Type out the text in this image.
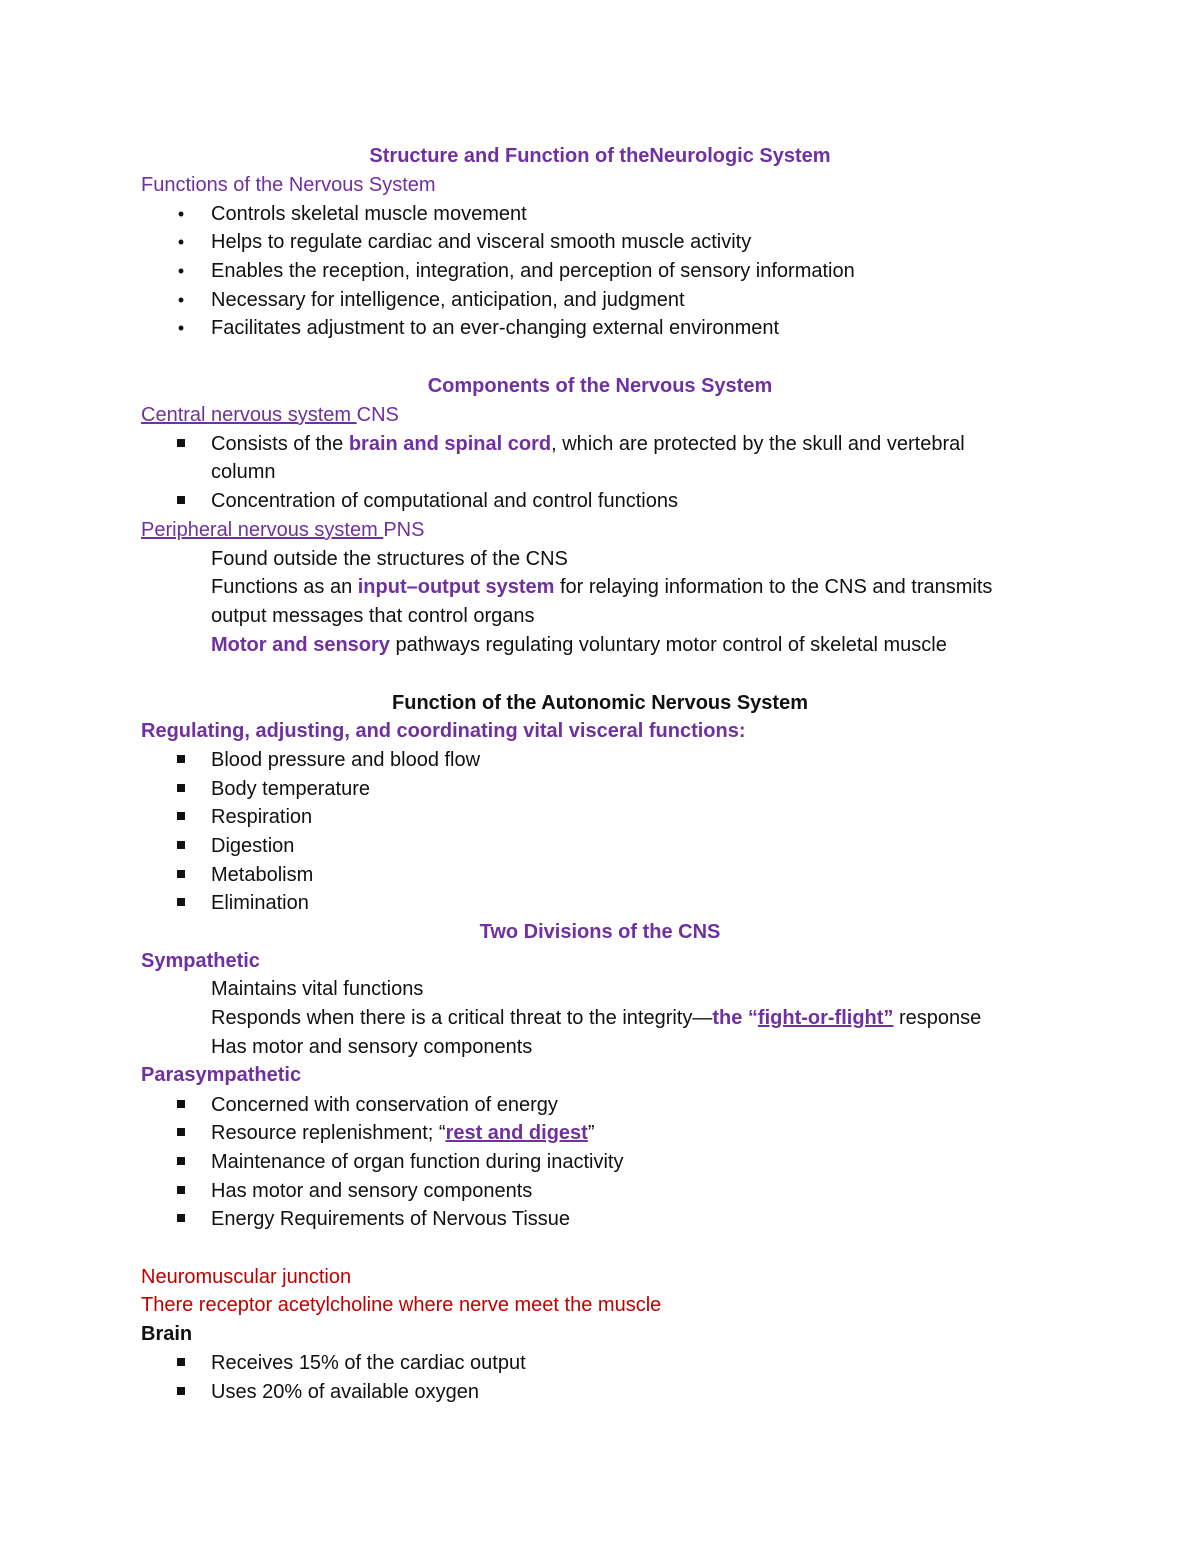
Structure and Function of theNeurologic System
Functions of the Nervous System
• Controls skeletal muscle movement
• Helps to regulate cardiac and visceral smooth muscle activity
• Enables the reception, integration, and perception of sensory information
• Necessary for intelligence, anticipation, and judgment
• Facilitates adjustment to an ever-changing external environment
Components of the Nervous System
Central nervous system CNS
Consists of the brain and spinal cord, which are protected by the skull and vertebral
column
Concentration of computational and control functions
Peripheral nervous system PNS
Found outside the structures of the CNS
Functions as an input–output system for relaying information to the CNS and transmits
output messages that control organs
Motor and sensory pathways regulating voluntary motor control of skeletal muscle
Function of the Autonomic Nervous System
Regulating, adjusting, and coordinating vital visceral functions:
Blood pressure and blood flow
Body temperature
Respiration
Digestion
Metabolism
Elimination
Two Divisions of the CNS
Sympathetic
Maintains vital functions
Responds when there is a critical threat to the integrity—the “fight-or-flight” response
Has motor and sensory components
Parasympathetic
Concerned with conservation of energy
Resource replenishment; “rest and digest”
Maintenance of organ function during inactivity
Has motor and sensory components
Energy Requirements of Nervous Tissue
Neuromuscular junction
There receptor acetylcholine where nerve meet the muscle
Brain
Receives 15% of the cardiac output
Uses 20% of available oxygen
